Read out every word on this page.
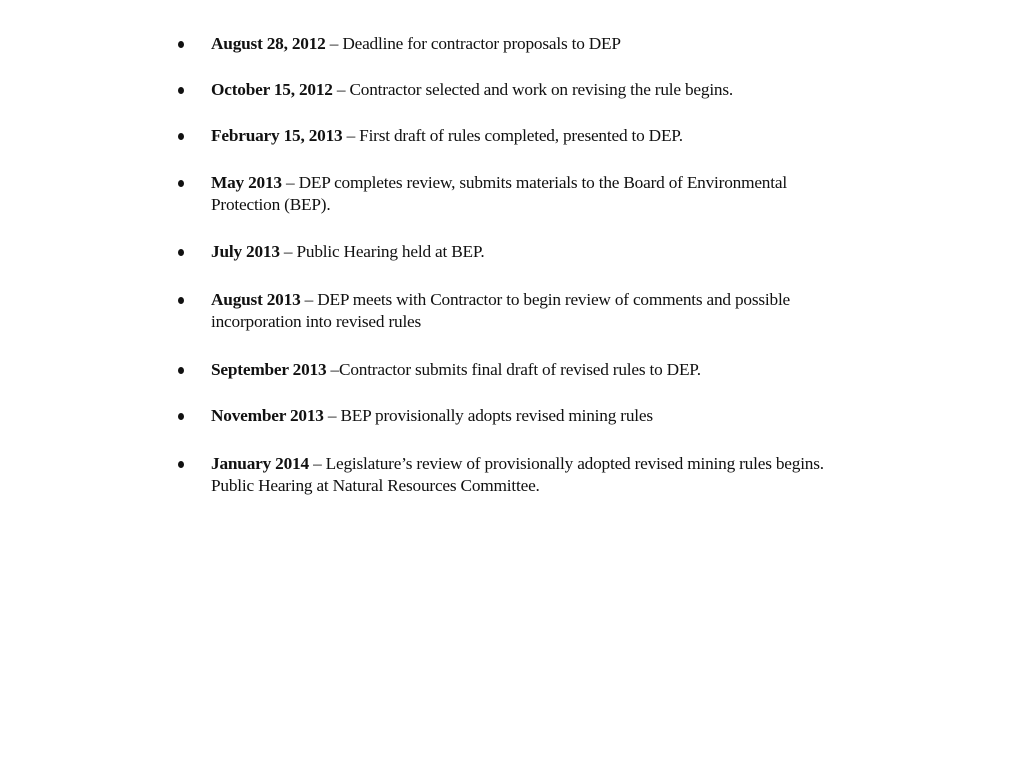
August 28, 2012 – Deadline for contractor proposals to DEP
October 15, 2012 – Contractor selected and work on revising the rule begins.
February 15, 2013 – First draft of rules completed, presented to DEP.
May 2013 – DEP completes review, submits materials to the Board of Environmental Protection (BEP).
July 2013 – Public Hearing held at BEP.
August 2013 – DEP meets with Contractor to begin review of comments and possible incorporation into revised rules
September 2013 –Contractor submits final draft of revised rules to DEP.
November 2013 – BEP provisionally adopts revised mining rules
January 2014 – Legislature’s review of provisionally adopted revised mining rules begins. Public Hearing at Natural Resources Committee.
